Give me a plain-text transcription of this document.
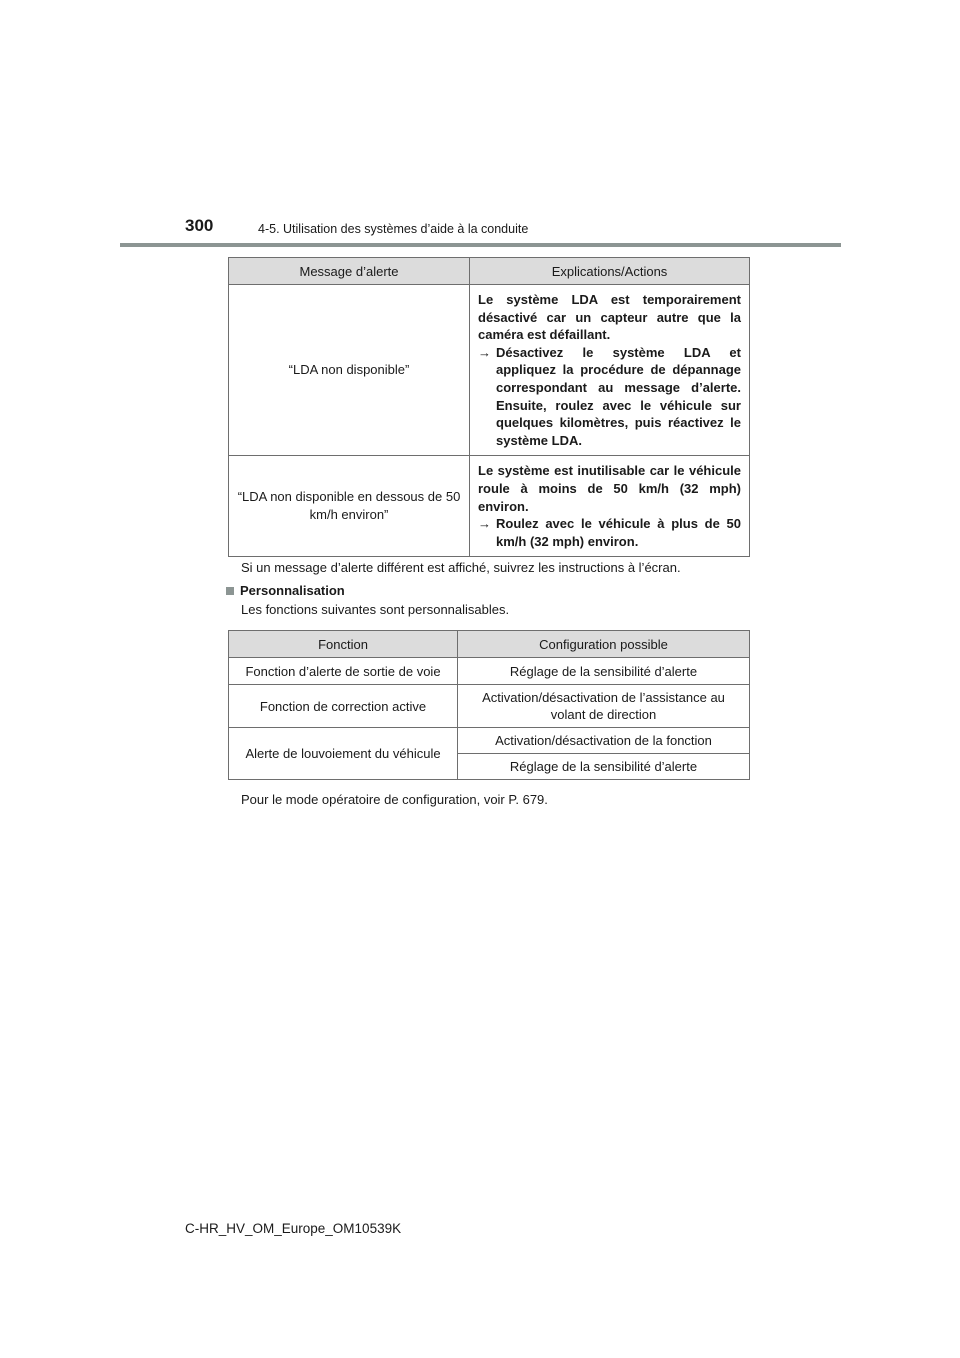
300	4-5. Utilisation des systèmes d’aide à la conduite
Message d’alerte	Explications/Actions
“LDA non disponible”	Le système LDA est temporairement désactivé car un capteur autre que la caméra est défaillant.
→ Désactivez le système LDA et appliquez la procédure de dépannage correspondant au message d’alerte. Ensuite, roulez avec le véhicule sur quelques kilomètres, puis réactivez le système LDA.

“LDA non disponible en dessous de 50 km/h environ”	Le système est inutilisable car le véhicule roule à moins de 50 km/h (32 mph) environ.
→ Roulez avec le véhicule à plus de 50 km/h (32 mph) environ.
Si un message d’alerte différent est affiché, suivrez les instructions à l’écran.
Personnalisation
Les fonctions suivantes sont personnalisables.
Fonction	Configuration possible
Fonction d’alerte de sortie de voie	Réglage de la sensibilité d’alerte
Fonction de correction active	Activation/désactivation de l’assistance au volant de direction
Alerte de louvoiement du véhicule	Activation/désactivation de la fonction
	Réglage de la sensibilité d’alerte
Pour le mode opératoire de configuration, voir P. 679.
C-HR_HV_OM_Europe_OM10539K
